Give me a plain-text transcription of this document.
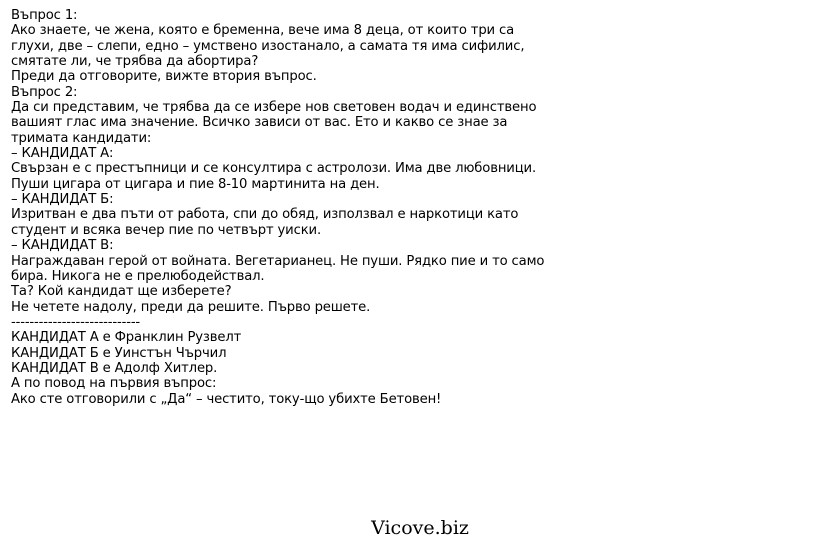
Въпрос 1:
Ако знаете, че жена, която е бременна, вече има 8 деца, от които три са
глухи, две – слепи, едно – умствено изостанало, а самата тя има сифилис,
смятате ли, че трябва да абортира?
Преди да отговорите, вижте втория въпрос.
Въпрос 2:
Да си представим, че трябва да се избере нов световен водач и единствено
вашият глас има значение. Всичко зависи от вас. Ето и какво се знае за
тримата кандидати:
– КАНДИДАТ А:
Свързан е с престъпници и се консултира с астролози. Има две любовници.
Пуши цигара от цигара и пие 8-10 мартинита на ден.
– КАНДИДАТ Б:
Изритван е два пъти от работа, спи до обяд, използвал е наркотици като
студент и всяка вечер пие по четвърт уиски.
– КАНДИДАТ В:
Награждаван герой от войната. Вегетарианец. Не пуши. Рядко пие и то само
бира. Никога не е прелюбодействал.
Та? Кой кандидат ще изберете?
Не четете надолу, преди да решите. Първо решете.
----------------------------
КАНДИДАТ А е Франклин Рузвелт
КАНДИДАТ Б е Уинстън Чърчил
КАНДИДАТ В е Адолф Хитлер.
А по повод на първия въпрос:
Ако сте отговорили с „Да“ – честито, току-що убихте Бетовен!
Vicove.biz
